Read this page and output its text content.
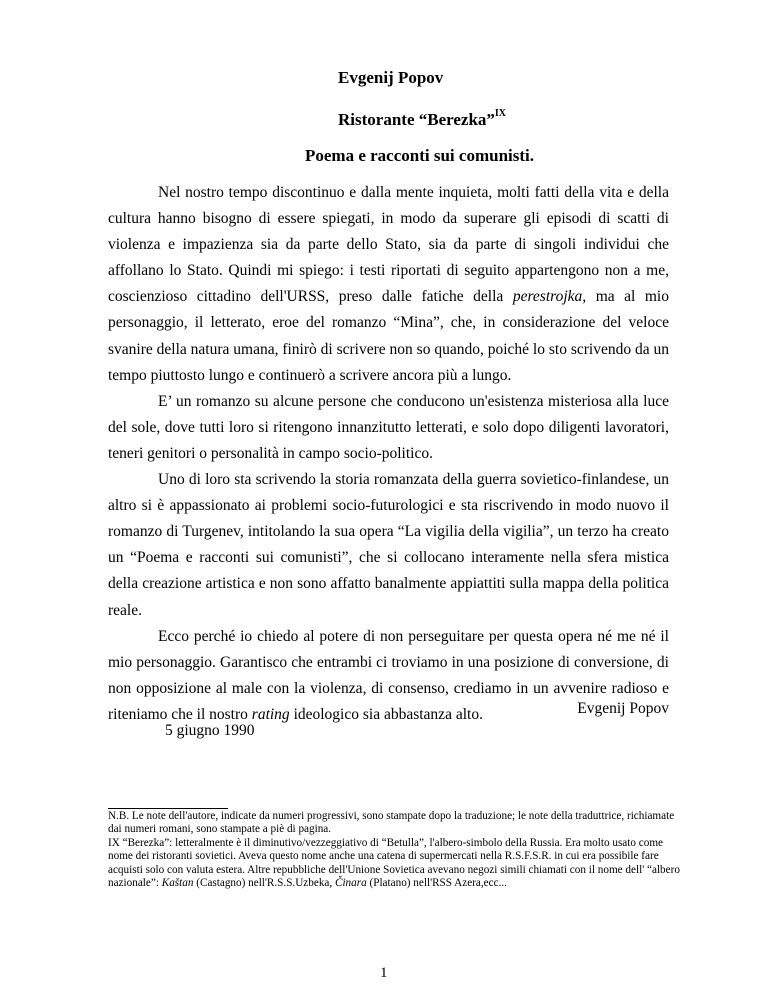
Evgenij Popov
Ristorante “Berezka”$^{IX}$
Poema e racconti sui comunisti.

Nel nostro tempo discontinuo e dalla mente inquieta, molti fatti della vita e della cultura hanno bisogno di essere spiegati, in modo da superare gli episodi di scatti di violenza e impazienza sia da parte dello Stato, sia da parte di singoli individui che affollano lo Stato. Quindi mi spiego: i testi riportati di seguito appartengono non a me, coscienzioso cittadino dell'URSS, preso dalle fatiche della perestrojka, ma al mio personaggio, il letterato, eroe del romanzo “Mina”, che, in considerazione del veloce svanire della natura umana, finirò di scrivere non so quando, poiché lo sto scrivendo da un tempo piuttosto lungo e continuerò a scrivere ancora più a lungo.

E’ un romanzo su alcune persone che conducono un'esistenza misteriosa alla luce del sole, dove tutti loro si ritengono innanzitutto letterati, e solo dopo diligenti lavoratori, teneri genitori o personalità in campo socio-politico.

Uno di loro sta scrivendo la storia romanzata della guerra sovietico-finlandese, un altro si è appassionato ai problemi socio-futurologici e sta riscrivendo in modo nuovo il romanzo di Turgenev, intitolando la sua opera “La vigilia della vigilia”, un terzo ha creato un “Poema e racconti sui comunisti”, che si collocano interamente nella sfera mistica della creazione artistica e non sono affatto banalmente appiattiti sulla mappa della politica reale.

Ecco perché io chiedo al potere di non perseguitare per questa opera né me né il mio personaggio. Garantisco che entrambi ci troviamo in una posizione di conversione, di non opposizione al male con la violenza, di consenso, crediamo in un avvenire radioso e riteniamo che il nostro rating ideologico sia abbastanza alto.	Evgenij Popov
5 giugno 1990

N.B. Le note dell'autore, indicate da numeri progressivi, sono stampate dopo la traduzione; le note della traduttrice, richiamate dai numeri romani, sono stampate a piè di pagina.

IX “Berezka”: letteralmente è il diminutivo/vezzeggiativo di “Betulla”, l'albero-simbolo della Russia. Era molto usato come nome dei ristoranti sovietici. Aveva questo nome anche una catena di supermercati nella R.S.F.S.R. in cui era possibile fare acquisti solo con valuta estera. Altre repubbliche dell'Unione Sovietica avevano negozi simili chiamati con il nome dell' “albero nazionale”: Kaštan (Castagno) nell'R.S.S.Uzbeka, Činara (Platano) nell'RSS Azera,ecc...

1
